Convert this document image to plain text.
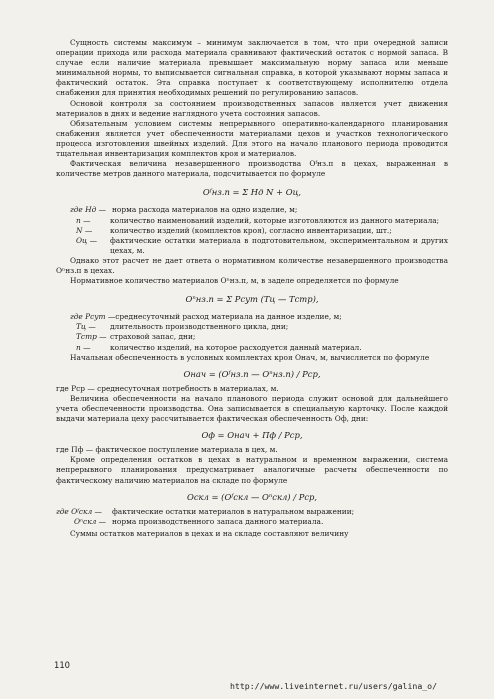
Сущность системы максимум – минимум заключается в том, что при очередной записи операции прихода или расхода материала сравнивают фактический остаток с нормой запаса. В случае если наличие материала превышает максимальную норму запаса или меньше минимальной нормы, то выписывается сигнальная справка, в которой указывают нормы запаса и фактический остаток. Эта справка поступает к соответствующему исполнителю отдела снабжения для принятия необходимых решений по регулированию запасов.

Основой контроля за состоянием производственных запасов является учет движения материалов в днях и ведение наглядного учета состояния запасов.

Обязательным условием системы непрерывного оперативно-календарного планирования снабжения является учет обеспеченности материалами цехов и участков технологического процесса изготовления швейных изделий. Для этого на начало планового периода проводится тщательная инвентаризация комплектов кроя и материалов.

Фактическая величина незавершенного производства Oᶠнз.п в цехах, выраженная в количестве метров данного материала, подсчитывается по формуле

Oᶠнз.п = Σ Hд N + Oц,
где Hд — норма расхода материалов на одно изделие, м;
n —	количество наименований изделий, которые изготовляются из данного материала;
N —	количество изделий (комплектов кроя), согласно инвентаризации, шт.;
Oц —	фактические остатки материала в подготовительном, экспериментальном и других цехах, м.

Однако этот расчет не дает ответа о нормативном количестве незавершенного производства Oⁿнз.п в цехах.

Нормативное количество материалов Oⁿнз.п, м, в заделе определяется по формуле

Oⁿнз.п = Σ Pсут (Tц — Tстр),
где Pсут — среднесуточный расход материала на данное изделие, м;
Tц —	длительность производственного цикла, дни;
Tстр — страховой запас, дни;
n —	количество изделий, на которое расходуется данный материал.

Начальная обеспеченность в условных комплектах кроя Oнач, м, вычисляется по формуле

Oнач = (Oᶠнз.п — Oⁿнз.п) / Pср,

где Pср — среднесуточная потребность в материалах, м.

Величина обеспеченности на начало планового периода служит основой для дальнейшего учета обеспеченности производства. Она записывается в специальную карточку. После каждой выдачи материала цеху рассчитывается фактическая обеспеченность Oф, дни:

Oф = Oнач + Пф / Pср,

где Пф — фактическое поступление материала в цех, м.

Кроме определения остатков в цехах в натуральном и временном выражении, система непрерывного планирования предусматривает аналогичные расчеты обеспеченности по фактическому наличию материалов на складе по формуле

Oскл = (Oᶠскл — Oⁿскл) / Pср,
где Oᶠскл —	фактические остатки материалов в натуральном выражении;
Oⁿскл — норма производственного запаса данного материала.

Суммы остатков материалов в цехах и на складе составляют величину

110
http://www.liveinternet.ru/users/galina_o/
